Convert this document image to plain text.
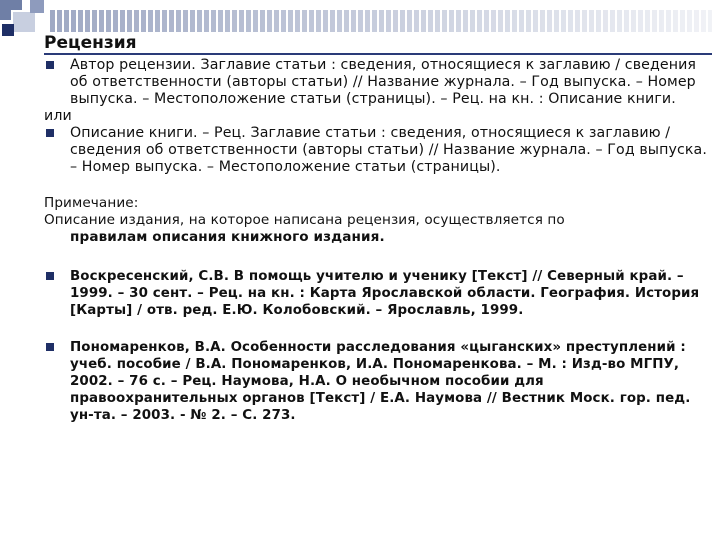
Рецензия

Автор рецензии. Заглавие статьи : сведения, относящиеся к заглавию / сведения об ответственности (авторы статьи) // Название журнала. – Год выпуска. – Номер выпуска. – Местоположение статьи (страницы). – Рец. на кн. : Описание книги.

или

Описание книги. – Рец. Заглавие статьи : сведения, относящиеся к заглавию / сведения об ответственности (авторы статьи) // Название журнала. – Год выпуска. – Номер выпуска. – Местоположение статьи (страницы).

Примечание:
Описание издания, на которое написана рецензия, осуществляется по
правилам описания книжного издания.

Воскресенский, С.В. В помощь учителю и ученику [Текст] // Северный край. – 1999. – 30 сент. – Рец. на кн. : Карта Ярославской области. География. История [Карты] / отв. ред. Е.Ю. Колобовский. – Ярославль, 1999.

Пономаренков, В.А. Особенности расследования «цыганских» преступлений : учеб. пособие / В.А. Пономаренков, И.А. Пономаренкова. – М. : Изд-во МГПУ, 2002. – 76 с. – Рец. Наумова, Н.А. О необычном пособии для правоохранительных органов [Текст] / Е.А. Наумова // Вестник Моск. гор. пед. ун-та. – 2003. - № 2. – С. 273.
